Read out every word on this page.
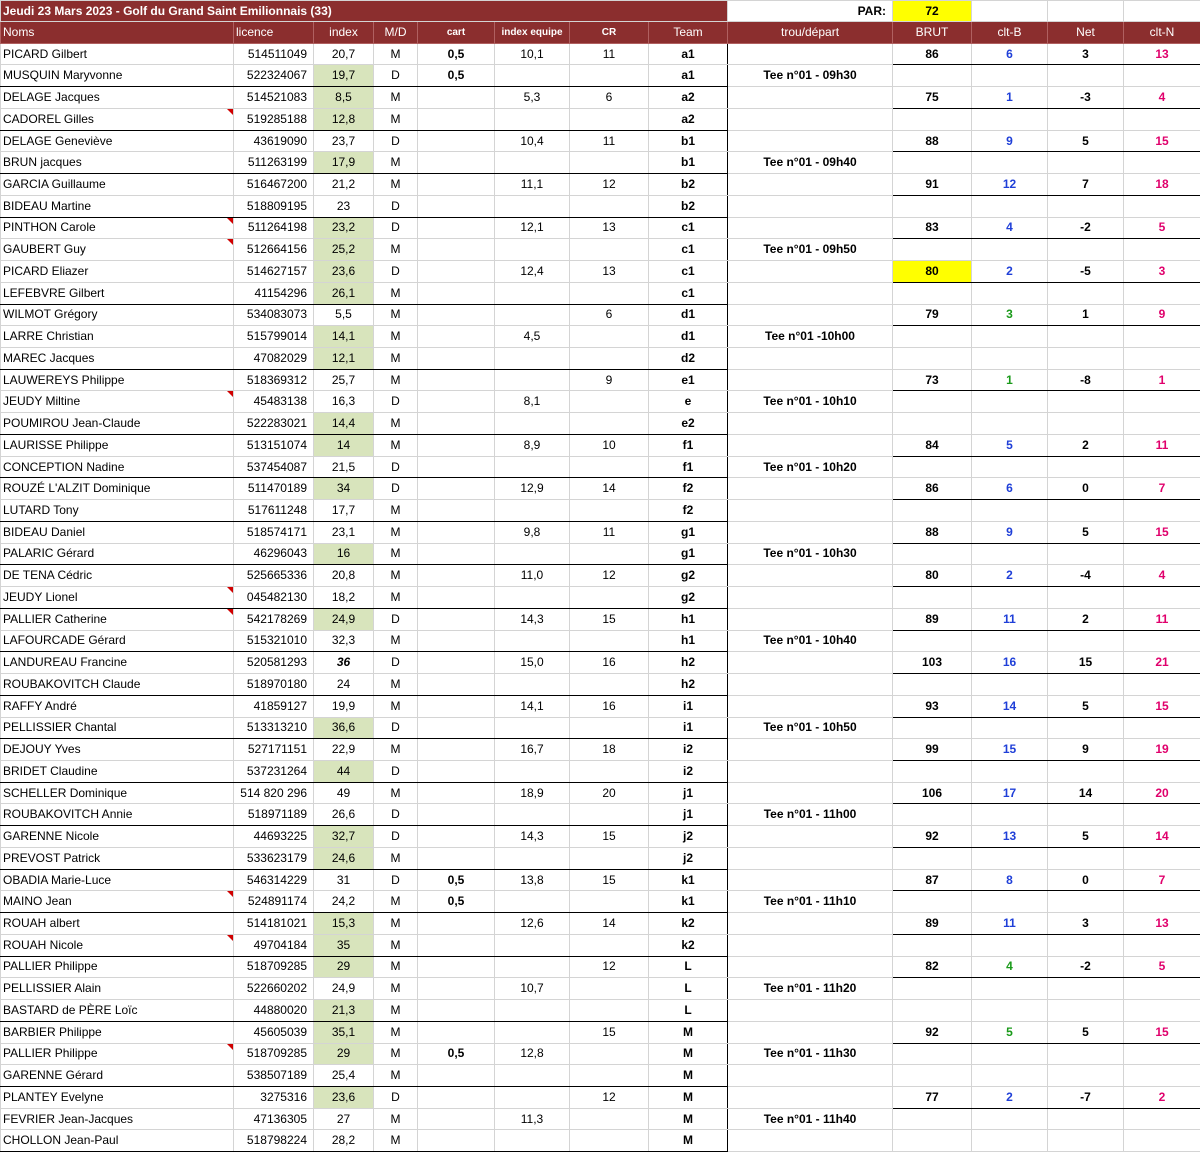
Jeudi 23 Mars 2023 - Golf du Grand Saint Emilionnais (33)								PAR:	72			
Noms	licence	index	M/D	cart	index equipe	CR	Team	trou/départ	BRUT	clt-B	Net	clt-N
PICARD Gilbert	514511049	20,7	M	0,5	10,1	11	a1		86	6	3	13
MUSQUIN Maryvonne	522324067	19,7	D	0,5			a1	Tee n°01 - 09h30				
DELAGE Jacques	514521083	8,5	M		5,3	6	a2		75	1	-3	4
CADOREL Gilles	519285188	12,8	M				a2					
DELAGE Geneviève	43619090	23,7	D		10,4	11	b1		88	9	5	15
BRUN jacques	511263199	17,9	M				b1	Tee n°01 - 09h40				
GARCIA Guillaume	516467200	21,2	M		11,1	12	b2		91	12	7	18
BIDEAU Martine	518809195	23	D				b2					
PINTHON Carole	511264198	23,2	D		12,1	13	c1		83	4	-2	5
GAUBERT Guy	512664156	25,2	M				c1	Tee n°01 - 09h50				
PICARD Eliazer	514627157	23,6	D		12,4	13	c1		80	2	-5	3
LEFEBVRE Gilbert	41154296	26,1	M				c1					
WILMOT Grégory	534083073	5,5	M			6	d1		79	3	1	9
LARRE Christian	515799014	14,1	M		4,5		d1	Tee n°01 -10h00				
MAREC Jacques	47082029	12,1	M				d2					
LAUWEREYS Philippe	518369312	25,7	M			9	e1		73	1	-8	1
JEUDY Miltine	45483138	16,3	D		8,1		e	Tee n°01 - 10h10				
POUMIROU Jean-Claude	522283021	14,4	M				e2					
LAURISSE Philippe	513151074	14	M		8,9	10	f1		84	5	2	11
CONCEPTION Nadine	537454087	21,5	D				f1	Tee n°01 - 10h20				
ROUZÉ L'ALZIT Dominique	511470189	34	D		12,9	14	f2		86	6	0	7
LUTARD Tony	517611248	17,7	M				f2					
BIDEAU Daniel	518574171	23,1	M		9,8	11	g1		88	9	5	15
PALARIC Gérard	46296043	16	M				g1	Tee n°01 - 10h30				
DE TENA Cédric	525665336	20,8	M		11,0	12	g2		80	2	-4	4
JEUDY Lionel	045482130	18,2	M				g2					
PALLIER Catherine	542178269	24,9	D		14,3	15	h1		89	11	2	11
LAFOURCADE Gérard	515321010	32,3	M				h1	Tee n°01 - 10h40				
LANDUREAU Francine	520581293	36	D		15,0	16	h2		103	16	15	21
ROUBAKOVITCH Claude	518970180	24	M				h2					
RAFFY André	41859127	19,9	M		14,1	16	i1		93	14	5	15
PELLISSIER Chantal	513313210	36,6	D				i1	Tee n°01 - 10h50				
DEJOUY Yves	527171151	22,9	M		16,7	18	i2		99	15	9	19
BRIDET Claudine	537231264	44	D				i2					
SCHELLER Dominique	514 820 296	49	M		18,9	20	j1		106	17	14	20
ROUBAKOVITCH Annie	518971189	26,6	D				j1	Tee n°01 - 11h00				
GARENNE Nicole	44693225	32,7	D		14,3	15	j2		92	13	5	14
PREVOST Patrick	533623179	24,6	M				j2					
OBADIA Marie-Luce	546314229	31	D	0,5	13,8	15	k1		87	8	0	7
MAINO Jean	524891174	24,2	M	0,5			k1	Tee n°01 - 11h10				
ROUAH albert	514181021	15,3	M		12,6	14	k2		89	11	3	13
ROUAH Nicole	49704184	35	M				k2					
PALLIER Philippe	518709285	29	M			12	L		82	4	-2	5
PELLISSIER Alain	522660202	24,9	M		10,7		L	Tee n°01 - 11h20				
BASTARD de PÈRE Loïc	44880020	21,3	M				L					
BARBIER Philippe	45605039	35,1	M			15	M		92	5	5	15
PALLIER Philippe	518709285	29	M	0,5	12,8		M	Tee n°01 - 11h30				
GARENNE Gérard	538507189	25,4	M				M					
PLANTEY Evelyne	3275316	23,6	D			12	M		77	2	-7	2
FEVRIER Jean-Jacques	47136305	27	M		11,3		M	Tee n°01 - 11h40				
CHOLLON Jean-Paul	518798224	28,2	M				M					
